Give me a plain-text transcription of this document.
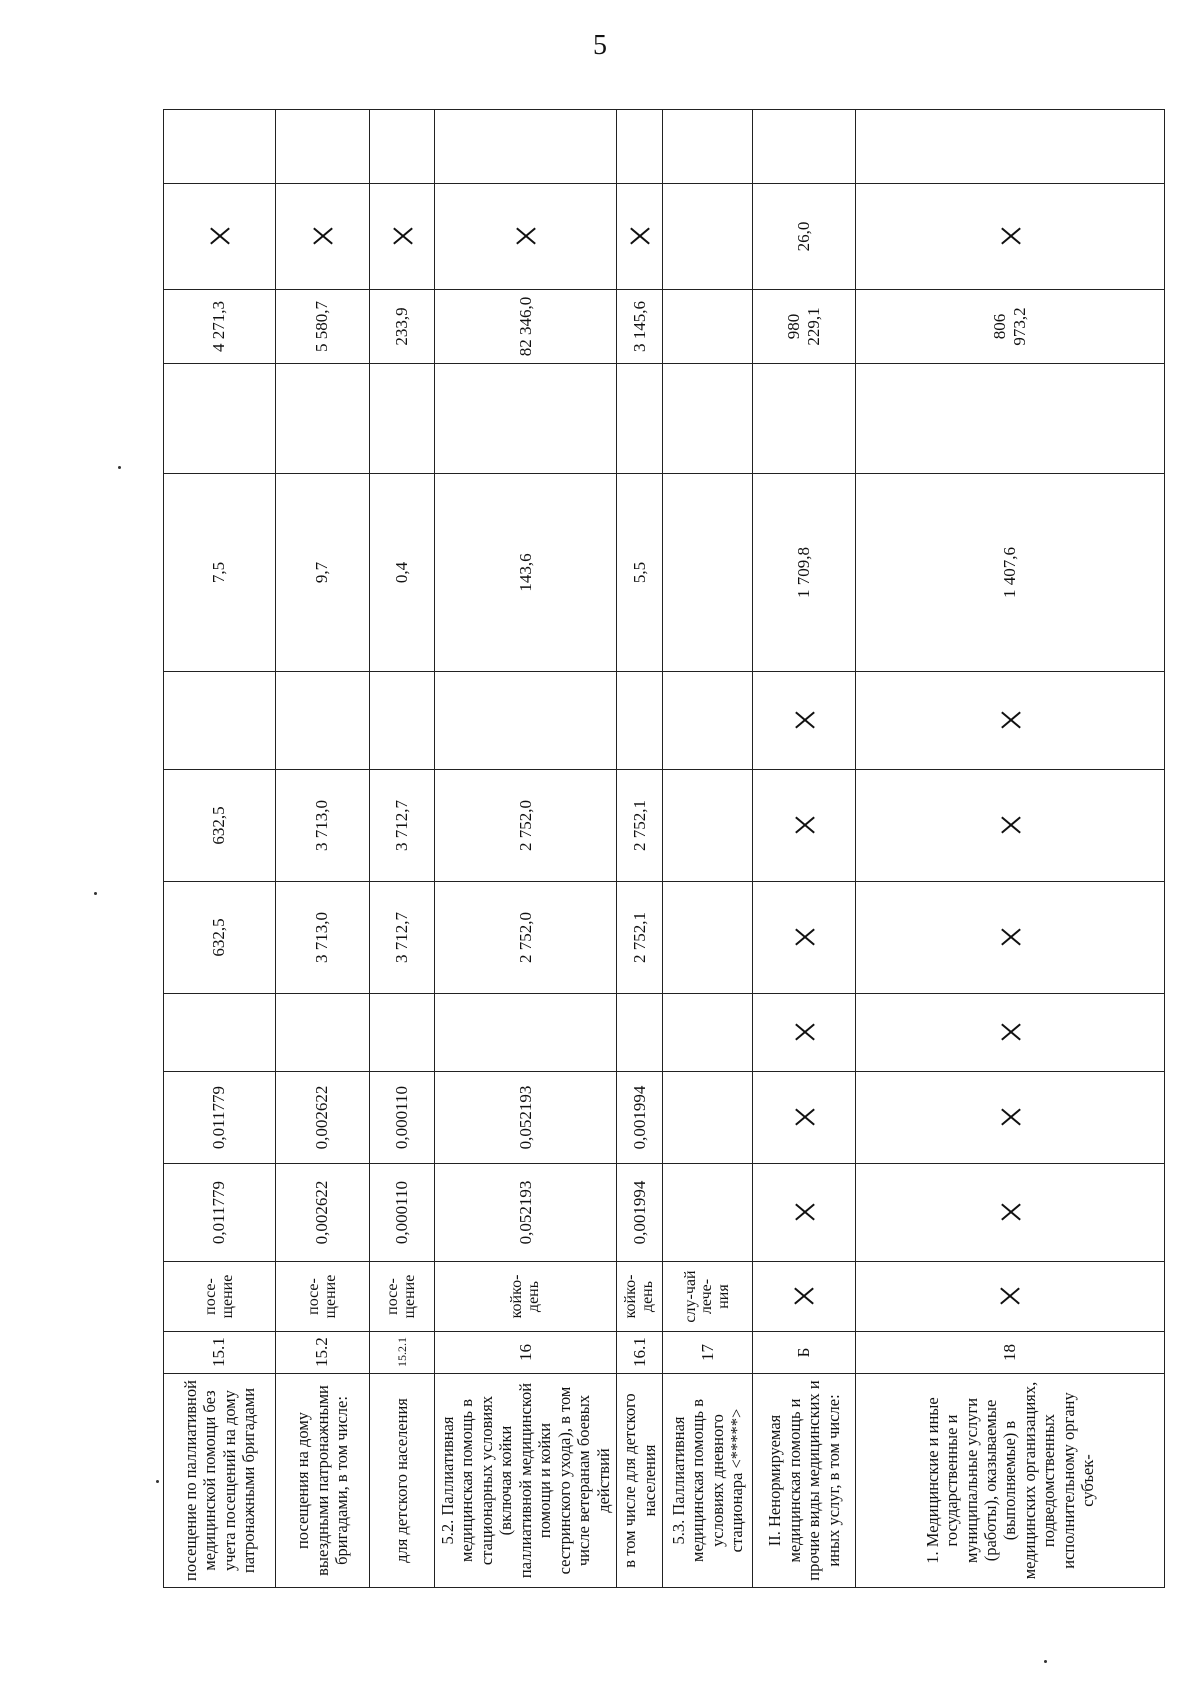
5
посещение по паллиативной медицинской помощи без учета посещений на дому патронажными бригадами	15.1	посе-щение	0,011779	0,011779		632,5	632,5		7,5		4 271,3			
посещения на дому выездными патронажными бригадами, в том числе:	15.2	посе-щение	0,002622	0,002622		3 713,0	3 713,0		9,7		5 580,7			
для детского населения	15.2.1	посе-щение	0,000110	0,000110		3 712,7	3 712,7		0,4		233,9			
5.2. Паллиативная медицинская помощь в стационарных условиях (включая койки паллиативной медицинской помощи и койки сестринского ухода), в том числе ветеранам боевых действий	16	койко-день	0,052193	0,052193		2 752,0	2 752,0		143,6		82 346,0			
в том числе для детского населения	16.1	койко-день	0,001994	0,001994		2 752,1	2 752,1		5,5		3 145,6			
5.3. Паллиативная медицинская помощь в условиях дневного стационара <*****>	17	слу-чай лече-ния												
II. Ненормируемая медицинская помощь и прочие виды медицинских и иных услуг, в том числе:	Б								1 709,8		980 229,1	26,0		
1. Медицинские и иные государственные и муниципальные услуги (работы), оказываемые (выполняемые) в медицинских организациях, подведомственных исполнительному органу субъек-	18								1 407,6		806 973,2			
